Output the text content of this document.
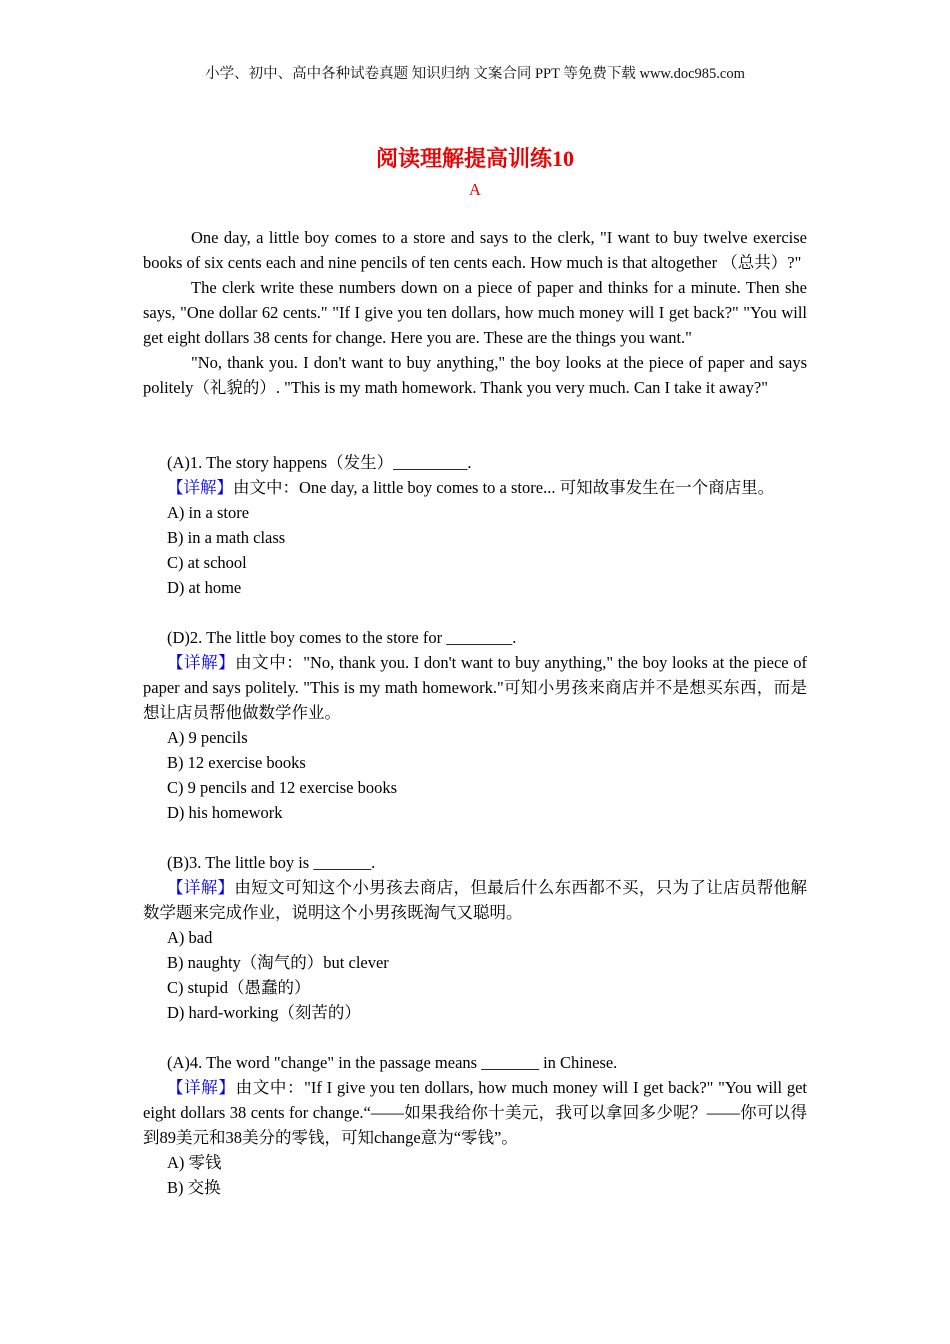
小学、初中、高中各种试卷真题 知识归纳 文案合同 PPT 等免费下载 www.doc985.com
阅读理解提高训练10
A

One day, a little boy comes to a store and says to the clerk, "I want to buy twelve exercise books of six cents each and nine pencils of ten cents each. How much is that altogether （总共）?"

The clerk write these numbers down on a piece of paper and thinks for a minute. Then she says, "One dollar 62 cents." "If I give you ten dollars, how much money will I get back?" "You will get eight dollars 38 cents for change. Here you are. These are the things you want."

"No, thank you. I don't want to buy anything," the boy looks at the piece of paper and says politely（礼貌的）. "This is my math homework. Thank you very much. Can I take it away?"

(A)1. The story happens（发生）_________.

【详解】由文中：One day, a little boy comes to a store... 可知故事发生在一个商店里。

A) in a store
B) in a math class
C) at school
D) at home
(D)2. The little boy comes to the store for ________.

【详解】由文中："No, thank you. I don't want to buy anything," the boy looks at the piece of paper and says politely. "This is my math homework."可知小男孩来商店并不是想买东西，而是想让店员帮他做数学作业。

A) 9 pencils
B) 12 exercise books
C) 9 pencils and 12 exercise books
D) his homework
(B)3. The little boy is _______.

【详解】由短文可知这个小男孩去商店，但最后什么东西都不买，只为了让店员帮他解数学题来完成作业，说明这个小男孩既淘气又聪明。

A) bad
B) naughty（淘气的）but clever
C) stupid（愚蠢的）
D) hard-working（刻苦的）
(A)4. The word "change" in the passage means _______ in Chinese.

【详解】由文中："If I give you ten dollars, how much money will I get back?" "You will get eight dollars 38 cents for change.“——如果我给你十美元，我可以拿回多少呢？——你可以得到89美元和38美分的零钱，可知change意为“零钱”。

A) 零钱
B) 交换
